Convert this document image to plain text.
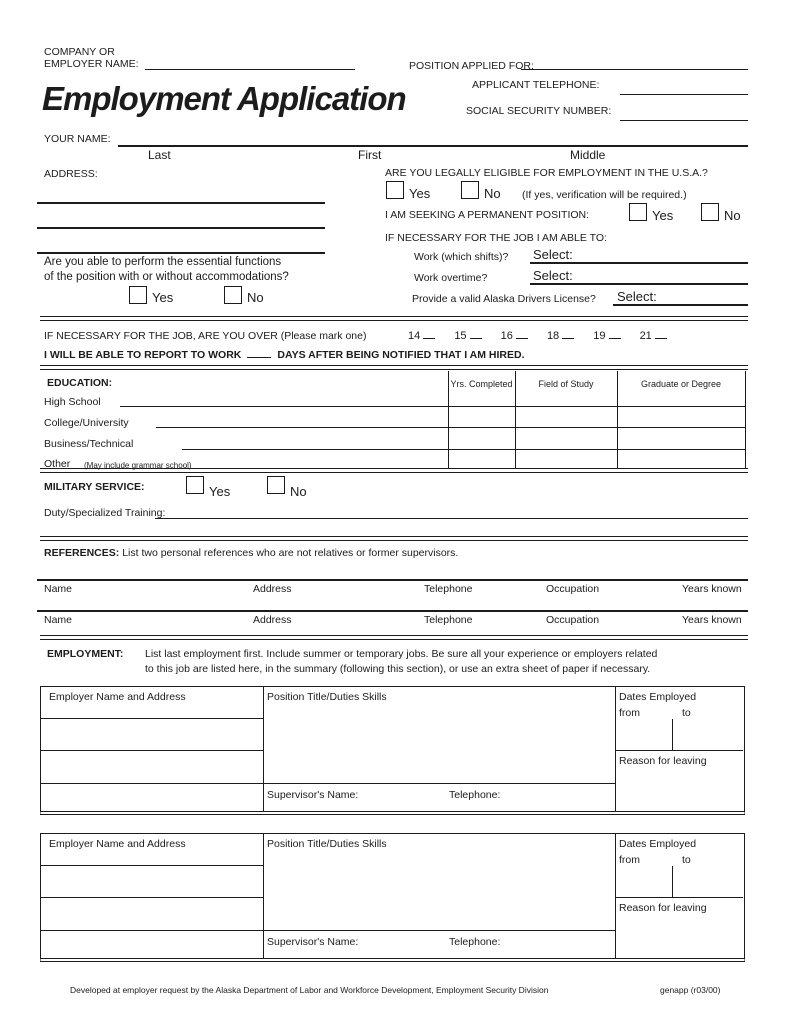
COMPANY OR
EMPLOYER NAME:	POSITION APPLIED FOR:
Employment Application	APPLICANT TELEPHONE:
SOCIAL SECURITY NUMBER:
YOUR NAME:
Last	First	Middle
ADDRESS:
Are you able to perform the essential functions
of the position with or without accommodations?
Yes	No
ARE YOU LEGALLY ELIGIBLE FOR EMPLOYMENT IN THE U.S.A.?
Yes	No (If yes, verification will be required.)
I AM SEEKING A PERMANENT POSITION:	Yes	No
IF NECESSARY FOR THE JOB I AM ABLE TO:
Work (which shifts)? Select:
Work overtime?	Select:
Provide a valid Alaska Drivers License? Select:
IF NECESSARY FOR THE JOB, ARE YOU OVER (Please mark one)	14	15	16	18	19	21
I WILL BE ABLE TO REPORT TO WORK	DAYS AFTER BEING NOTIFIED THAT I AM HIRED.
EDUCATION:	Yrs. Completed	Field of Study	Graduate or Degree
High School
College/University
Business/Technical
Other (May include grammar school)
MILITARY SERVICE:	Yes	No
Duty/Specialized Training:
REFERENCES: List two personal references who are not relatives or former supervisors.
Name	Address	Telephone	Occupation	Years known
Name	Address	Telephone	Occupation	Years known
EMPLOYMENT: List last employment first. Include summer or temporary jobs. Be sure all your experience or employers related
to this job are listed here, in the summary (following this section), or use an extra sheet of paper if necessary.
Employer Name and Address	Position Title/Duties Skills
Supervisor's Name:	Telephone:
Dates Employed
from	to
Reason for leaving
Employer Name and Address	Position Title/Duties Skills
Supervisor's Name:	Telephone:
Dates Employed
from	to
Reason for leaving
Developed at employer request by the Alaska Department of Labor and Workforce Development, Employment Security Division	genapp (r03/00)
